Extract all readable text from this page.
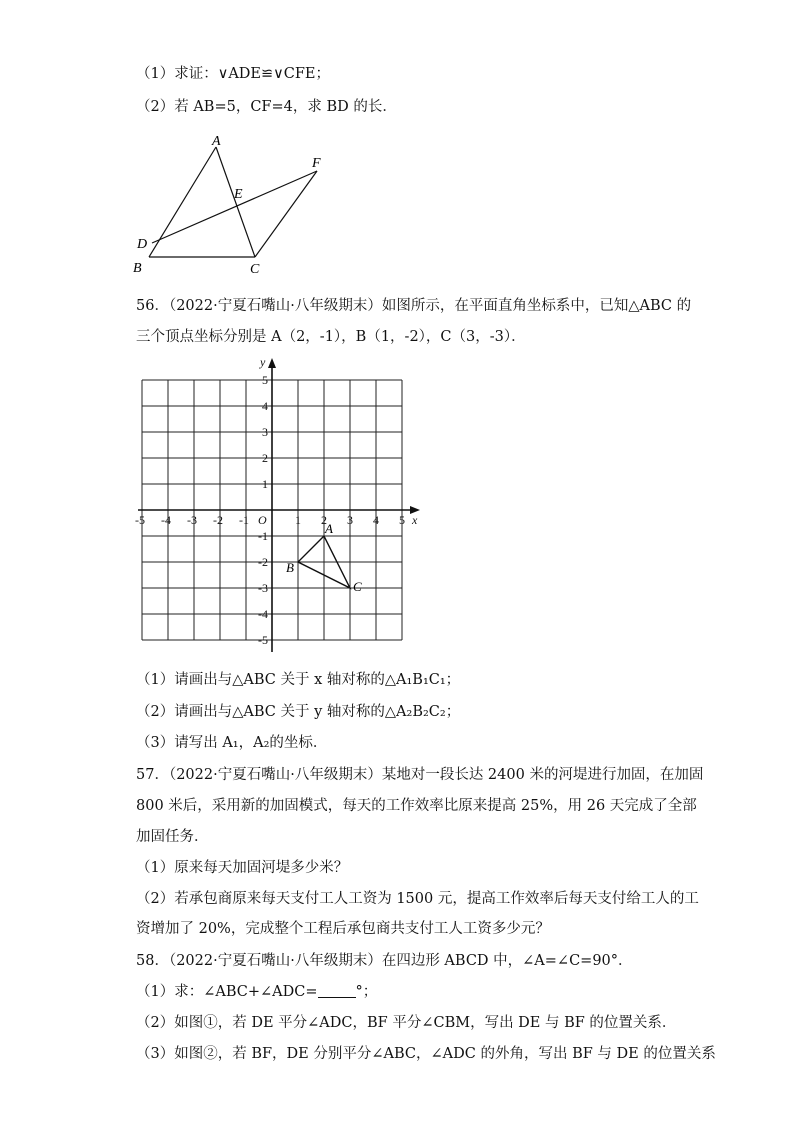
（1）求证：∨ADE≌∨CFE；
（2）若 AB=5，CF=4，求 BD 的长．
A
F
E
D
B	C
56．（2022·宁夏石嘴山·八年级期末）如图所示，在平面直角坐标系中，已知△ABC 的
三个顶点坐标分别是 A（2，-1），B（1，-2），C（3，-3）．
-5 -4 -3 -2 -1	1 2 3 4 5
5
4
3
2
1
-1
-2
-3
-4
-5
O	x
y
A
B
C
（1）请画出与△ABC 关于 x 轴对称的△A₁B₁C₁；
（2）请画出与△ABC 关于 y 轴对称的△A₂B₂C₂；
（3）请写出 A₁，A₂的坐标．
57．（2022·宁夏石嘴山·八年级期末）某地对一段长达 2400 米的河堤进行加固，在加固
800 米后，采用新的加固模式，每天的工作效率比原来提高 25%，用 26 天完成了全部
加固任务．
（1）原来每天加固河堤多少米？
（2）若承包商原来每天支付工人工资为 1500 元，提高工作效率后每天支付给工人的工
资增加了 20%，完成整个工程后承包商共支付工人工资多少元？
58．（2022·宁夏石嘴山·八年级期末）在四边形 ABCD 中，∠A=∠C=90°．
（1）求：∠ABC+∠ADC=	°；
（2）如图①，若 DE 平分∠ADC，BF 平分∠CBM，写出 DE 与 BF 的位置关系．
（3）如图②，若 BF，DE 分别平分∠ABC，∠ADC 的外角，写出 BF 与 DE 的位置关系
